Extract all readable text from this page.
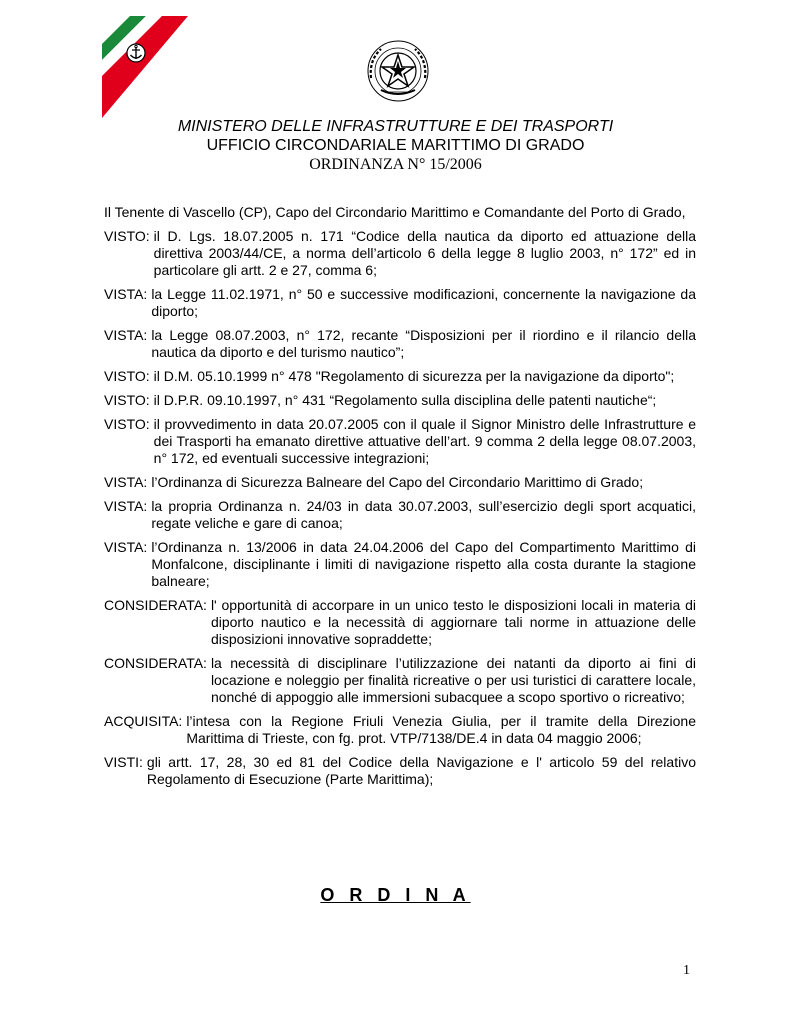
MINISTERO DELLE INFRASTRUTTURE E DEI TRASPORTI
UFFICIO CIRCONDARIALE MARITTIMO DI GRADO
ORDINANZA N° 15/2006

Il Tenente di Vascello (CP), Capo del Circondario Marittimo e Comandante del Porto di Grado,

VISTO: il D. Lgs. 18.07.2005 n. 171 “Codice della nautica da diporto ed attuazione della direttiva 2003/44/CE, a norma dell’articolo 6 della legge 8 luglio 2003, n° 172” ed in particolare gli artt. 2 e 27, comma 6;
VISTA: la Legge 11.02.1971, n° 50 e successive modificazioni, concernente la navigazione da diporto;
VISTA: la Legge 08.07.2003, n° 172, recante “Disposizioni per il riordino e il rilancio della nautica da diporto e del turismo nautico”;
VISTO: il D.M. 05.10.1999 n° 478 "Regolamento di sicurezza per la navigazione da diporto";
VISTO: il D.P.R. 09.10.1997, n° 431 “Regolamento sulla disciplina delle patenti nautiche“;
VISTO: il provvedimento in data 20.07.2005 con il quale il Signor Ministro delle Infrastrutture e dei Trasporti ha emanato direttive attuative dell’art. 9 comma 2 della legge 08.07.2003, n° 172, ed eventuali successive integrazioni;
VISTA: l’Ordinanza di Sicurezza Balneare del Capo del Circondario Marittimo di Grado;
VISTA: la propria Ordinanza n. 24/03 in data 30.07.2003, sull’esercizio degli sport acquatici, regate veliche e gare di canoa;
VISTA: l’Ordinanza n. 13/2006 in data 24.04.2006 del Capo del Compartimento Marittimo di Monfalcone, disciplinante i limiti di navigazione rispetto alla costa durante la stagione balneare;
CONSIDERATA: l' opportunità di accorpare in un unico testo le disposizioni locali in materia di diporto nautico e la necessità di aggiornare tali norme in attuazione delle disposizioni innovative sopraddette;
CONSIDERATA: la necessità di disciplinare l’utilizzazione dei natanti da diporto ai fini di locazione e noleggio per finalità ricreative o per usi turistici di carattere locale, nonché di appoggio alle immersioni subacquee a scopo sportivo o ricreativo;
ACQUISITA: l’intesa con la Regione Friuli Venezia Giulia, per il tramite della Direzione Marittima di Trieste, con fg. prot. VTP/7138/DE.4 in data 04 maggio 2006;
VISTI: gli artt. 17, 28, 30 ed 81 del Codice della Navigazione e l' articolo 59 del relativo Regolamento di Esecuzione (Parte Marittima);
O R D I N A
1
